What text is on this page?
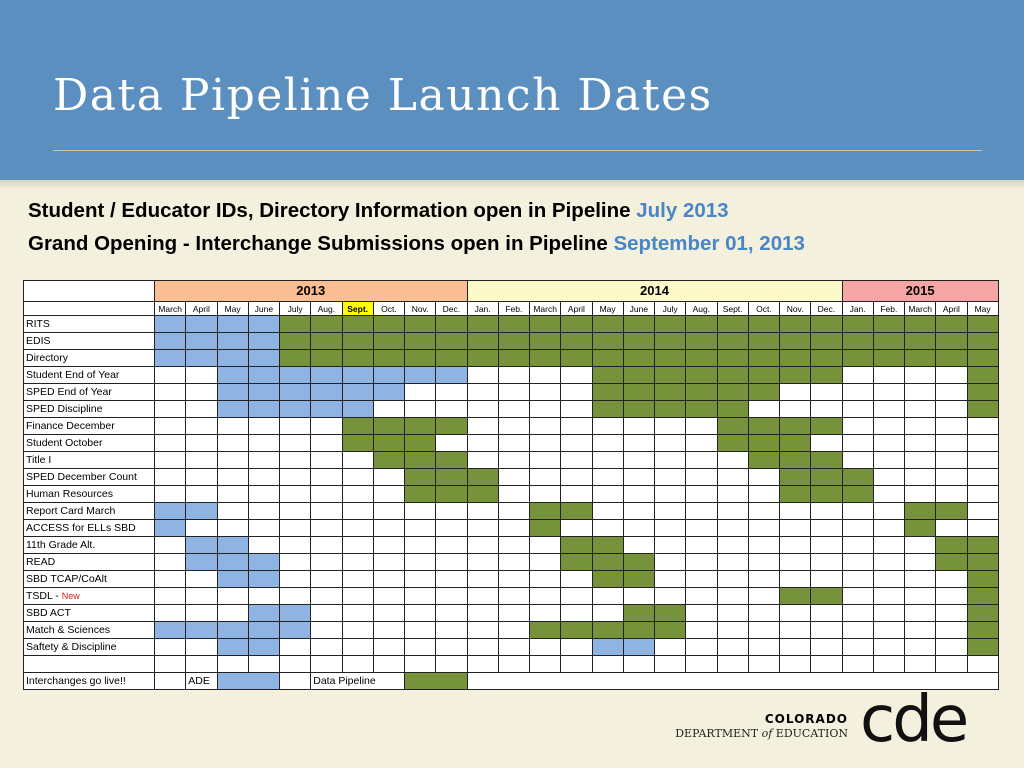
Data Pipeline Launch Dates
Student / Educator IDs, Directory Information open in Pipeline July 2013
Grand Opening - Interchange Submissions open in Pipeline September 01, 2013
	2013										2014												2015				
	March	April	May	June	July	Aug.	Sept.	Oct.	Nov.	Dec.	Jan.	Feb.	March	April	May	June	July	Aug.	Sept.	Oct.	Nov.	Dec.	Jan.	Feb.	March	April	May
RITS																											
EDIS																											
Directory																											
Student End of Year																											
SPED End of Year																											
SPED Discipline																											
Finance December																											
Student October																											
Title I																											
SPED December Count																											
Human Resources																											
Report Card March																											
ACCESS for ELLs SBD																											
11th Grade Alt.																											
READ																											
SBD TCAP/CoAlt																											
TSDL - New																											
SBD ACT																											
Match & Sciences																											
Saftety & Discipline																											

Interchanges go live!!		ADE				Data Pipeline																					
COLORADO
DEPARTMENT of EDUCATION cde
